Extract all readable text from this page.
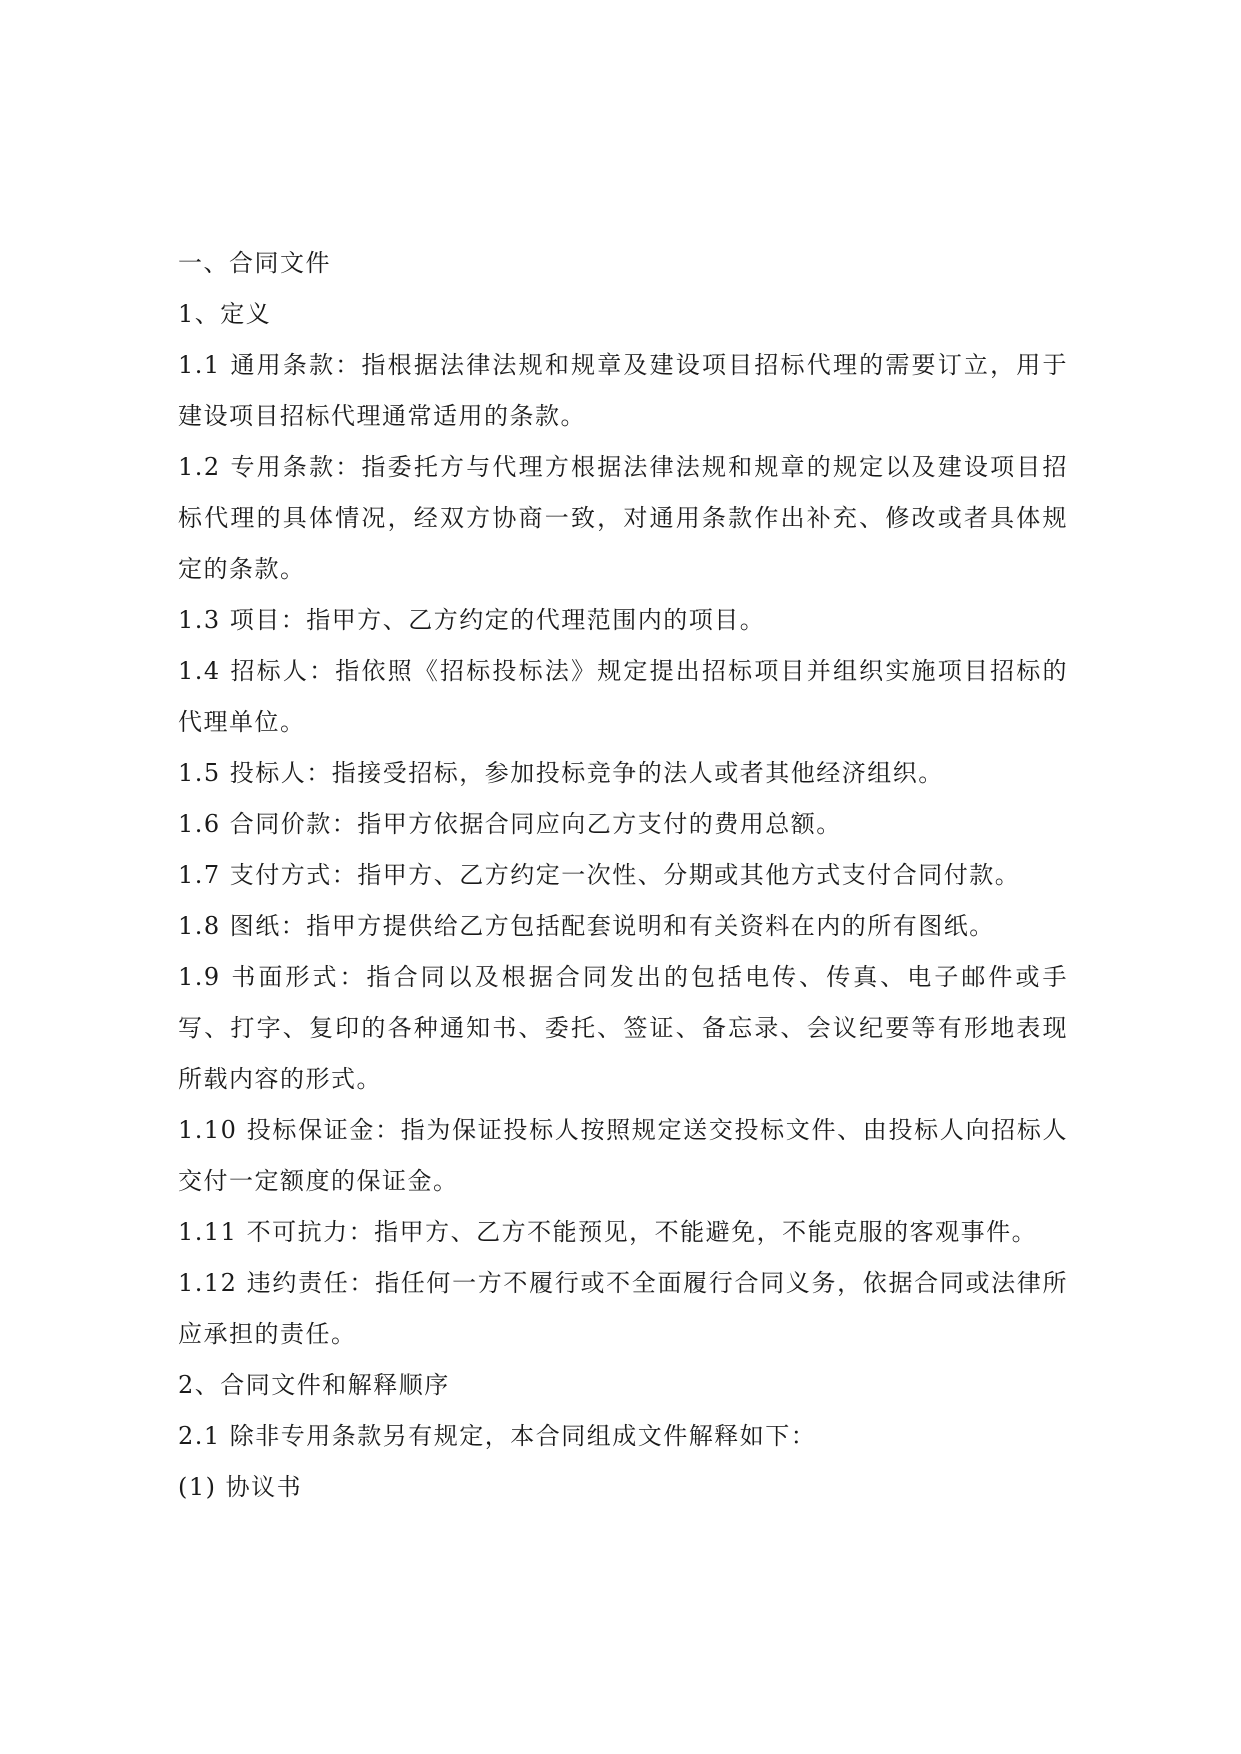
一、合同文件

1、定义

1.1 通用条款：指根据法律法规和规章及建设项目招标代理的需要订立，用于建设项目招标代理通常适用的条款。

1.2 专用条款：指委托方与代理方根据法律法规和规章的规定以及建设项目招标代理的具体情况，经双方协商一致，对通用条款作出补充、修改或者具体规定的条款。

1.3 项目：指甲方、乙方约定的代理范围内的项目。

1.4 招标人：指依照《招标投标法》规定提出招标项目并组织实施项目招标的代理单位。

1.5 投标人：指接受招标，参加投标竞争的法人或者其他经济组织。

1.6 合同价款：指甲方依据合同应向乙方支付的费用总额。

1.7 支付方式：指甲方、乙方约定一次性、分期或其他方式支付合同付款。

1.8 图纸：指甲方提供给乙方包括配套说明和有关资料在内的所有图纸。

1.9 书面形式：指合同以及根据合同发出的包括电传、传真、电子邮件或手写、打字、复印的各种通知书、委托、签证、备忘录、会议纪要等有形地表现所载内容的形式。

1.10 投标保证金：指为保证投标人按照规定送交投标文件、由投标人向招标人交付一定额度的保证金。

1.11 不可抗力：指甲方、乙方不能预见，不能避免，不能克服的客观事件。

1.12 违约责任：指任何一方不履行或不全面履行合同义务，依据合同或法律所应承担的责任。

2、合同文件和解释顺序

2.1 除非专用条款另有规定，本合同组成文件解释如下：

(1) 协议书
